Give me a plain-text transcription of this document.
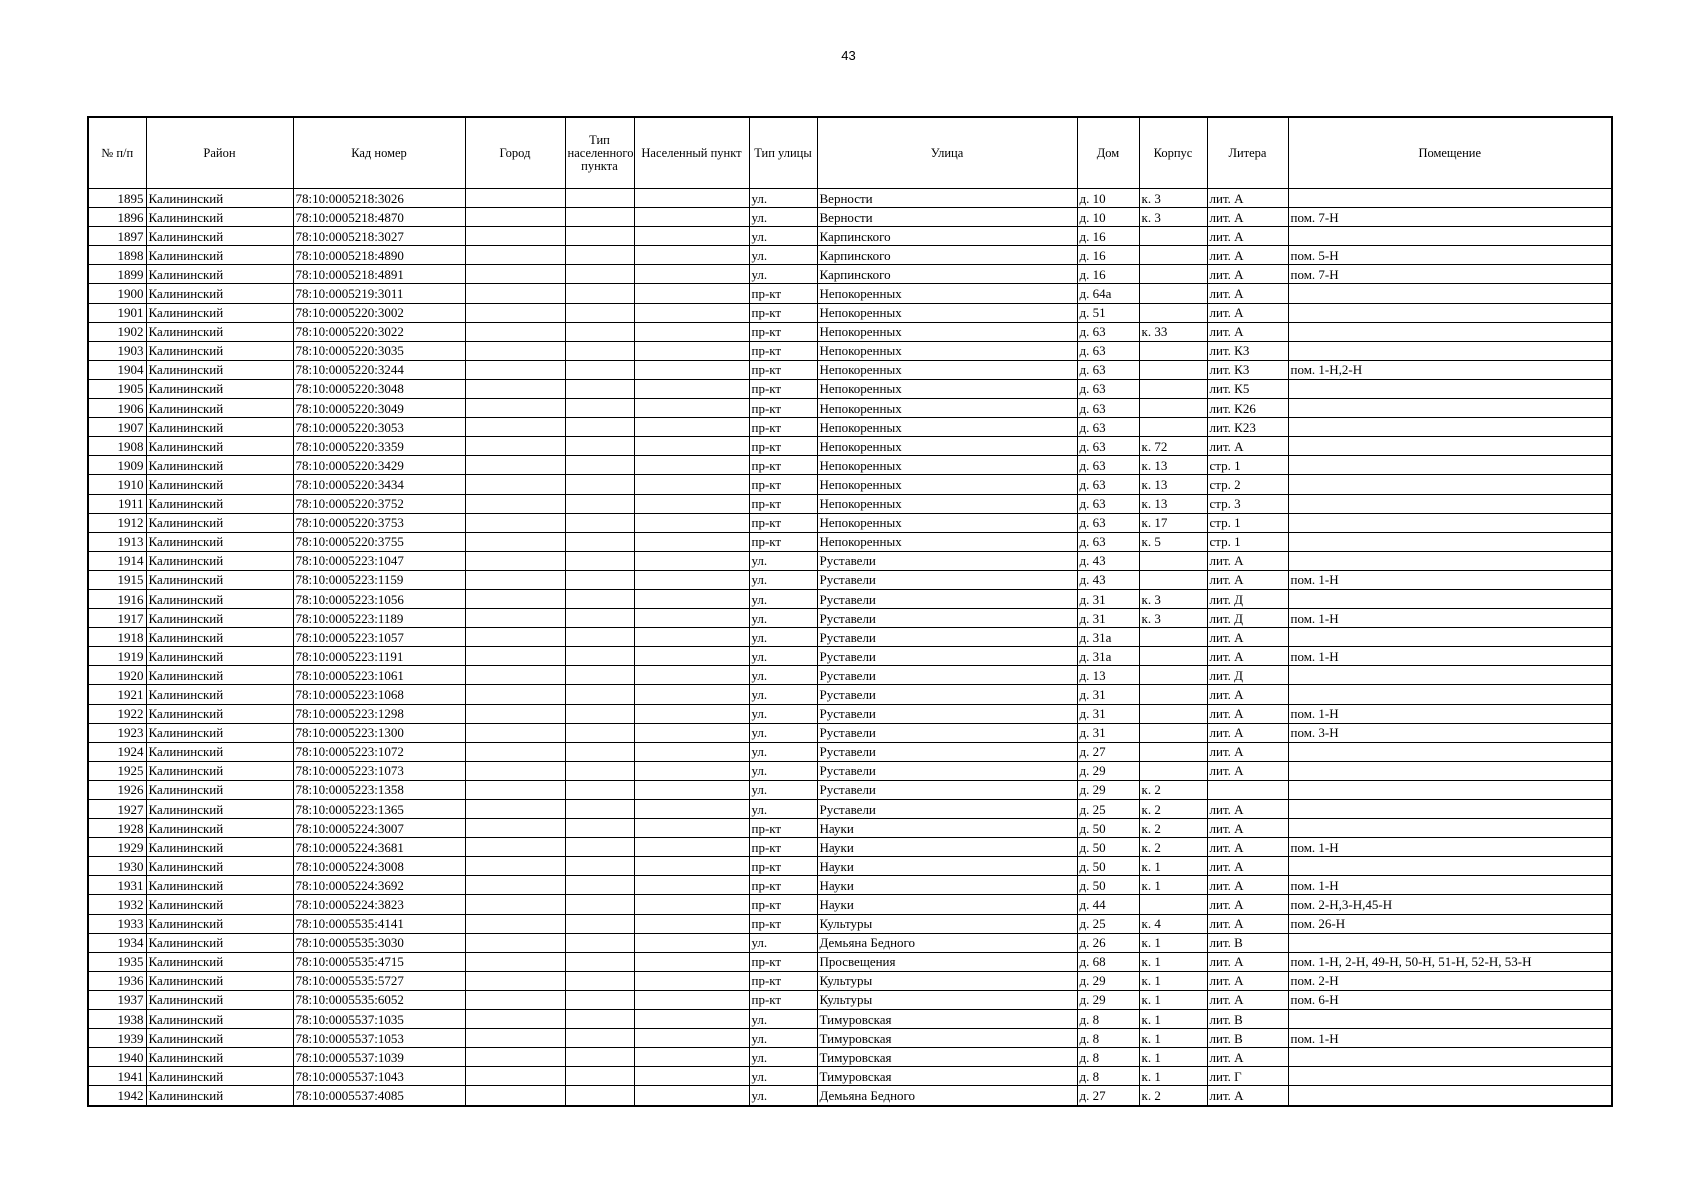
43
№ п/п	Район	Кад номер	Город	Тип населенного пункта	Населенный пункт	Тип улицы	Улица	Дом	Корпус	Литера	Помещение
1895	Калининский	78:10:0005218:3026				ул.	Верности	д. 10	к. 3	лит. А	
1896	Калининский	78:10:0005218:4870				ул.	Верности	д. 10	к. 3	лит. А	пом. 7-Н
1897	Калининский	78:10:0005218:3027				ул.	Карпинского	д. 16		лит. А	
1898	Калининский	78:10:0005218:4890				ул.	Карпинского	д. 16		лит. А	пом. 5-Н
1899	Калининский	78:10:0005218:4891				ул.	Карпинского	д. 16		лит. А	пом. 7-Н
1900	Калининский	78:10:0005219:3011				пр-кт	Непокоренных	д. 64а		лит. А	
1901	Калининский	78:10:0005220:3002				пр-кт	Непокоренных	д. 51		лит. А	
1902	Калининский	78:10:0005220:3022				пр-кт	Непокоренных	д. 63	к. 33	лит. А	
1903	Калининский	78:10:0005220:3035				пр-кт	Непокоренных	д. 63		лит. К3	
1904	Калининский	78:10:0005220:3244				пр-кт	Непокоренных	д. 63		лит. К3	пом. 1-Н,2-Н
1905	Калининский	78:10:0005220:3048				пр-кт	Непокоренных	д. 63		лит. К5	
1906	Калининский	78:10:0005220:3049				пр-кт	Непокоренных	д. 63		лит. К26	
1907	Калининский	78:10:0005220:3053				пр-кт	Непокоренных	д. 63		лит. К23	
1908	Калининский	78:10:0005220:3359				пр-кт	Непокоренных	д. 63	к. 72	лит. А	
1909	Калининский	78:10:0005220:3429				пр-кт	Непокоренных	д. 63	к. 13	стр. 1	
1910	Калининский	78:10:0005220:3434				пр-кт	Непокоренных	д. 63	к. 13	стр. 2	
1911	Калининский	78:10:0005220:3752				пр-кт	Непокоренных	д. 63	к. 13	стр. 3	
1912	Калининский	78:10:0005220:3753				пр-кт	Непокоренных	д. 63	к. 17	стр. 1	
1913	Калининский	78:10:0005220:3755				пр-кт	Непокоренных	д. 63	к. 5	стр. 1	
1914	Калининский	78:10:0005223:1047				ул.	Руставели	д. 43		лит. А	
1915	Калининский	78:10:0005223:1159				ул.	Руставели	д. 43		лит. А	пом. 1-Н
1916	Калининский	78:10:0005223:1056				ул.	Руставели	д. 31	к. 3	лит. Д	
1917	Калининский	78:10:0005223:1189				ул.	Руставели	д. 31	к. 3	лит. Д	пом. 1-Н
1918	Калининский	78:10:0005223:1057				ул.	Руставели	д. 31а		лит. А	
1919	Калининский	78:10:0005223:1191				ул.	Руставели	д. 31а		лит. А	пом. 1-Н
1920	Калининский	78:10:0005223:1061				ул.	Руставели	д. 13		лит. Д	
1921	Калининский	78:10:0005223:1068				ул.	Руставели	д. 31		лит. А	
1922	Калининский	78:10:0005223:1298				ул.	Руставели	д. 31		лит. А	пом. 1-Н
1923	Калининский	78:10:0005223:1300				ул.	Руставели	д. 31		лит. А	пом. 3-Н
1924	Калининский	78:10:0005223:1072				ул.	Руставели	д. 27		лит. А	
1925	Калининский	78:10:0005223:1073				ул.	Руставели	д. 29		лит. А	
1926	Калининский	78:10:0005223:1358				ул.	Руставели	д. 29	к. 2		
1927	Калининский	78:10:0005223:1365				ул.	Руставели	д. 25	к. 2	лит. А	
1928	Калининский	78:10:0005224:3007				пр-кт	Науки	д. 50	к. 2	лит. А	
1929	Калининский	78:10:0005224:3681				пр-кт	Науки	д. 50	к. 2	лит. А	пом. 1-Н
1930	Калининский	78:10:0005224:3008				пр-кт	Науки	д. 50	к. 1	лит. А	
1931	Калининский	78:10:0005224:3692				пр-кт	Науки	д. 50	к. 1	лит. А	пом. 1-Н
1932	Калининский	78:10:0005224:3823				пр-кт	Науки	д. 44		лит. А	пом. 2-Н,3-Н,45-Н
1933	Калининский	78:10:0005535:4141				пр-кт	Культуры	д. 25	к. 4	лит. А	пом. 26-Н
1934	Калининский	78:10:0005535:3030				ул.	Демьяна Бедного	д. 26	к. 1	лит. В	
1935	Калининский	78:10:0005535:4715				пр-кт	Просвещения	д. 68	к. 1	лит. А	пом. 1-Н, 2-Н, 49-Н, 50-Н, 51-Н, 52-Н, 53-Н
1936	Калининский	78:10:0005535:5727				пр-кт	Культуры	д. 29	к. 1	лит. А	пом. 2-Н
1937	Калининский	78:10:0005535:6052				пр-кт	Культуры	д. 29	к. 1	лит. А	пом. 6-Н
1938	Калининский	78:10:0005537:1035				ул.	Тимуровская	д. 8	к. 1	лит. В	
1939	Калининский	78:10:0005537:1053				ул.	Тимуровская	д. 8	к. 1	лит. В	пом. 1-Н
1940	Калининский	78:10:0005537:1039				ул.	Тимуровская	д. 8	к. 1	лит. А	
1941	Калининский	78:10:0005537:1043				ул.	Тимуровская	д. 8	к. 1	лит. Г	
1942	Калининский	78:10:0005537:4085				ул.	Демьяна Бедного	д. 27	к. 2	лит. А	
